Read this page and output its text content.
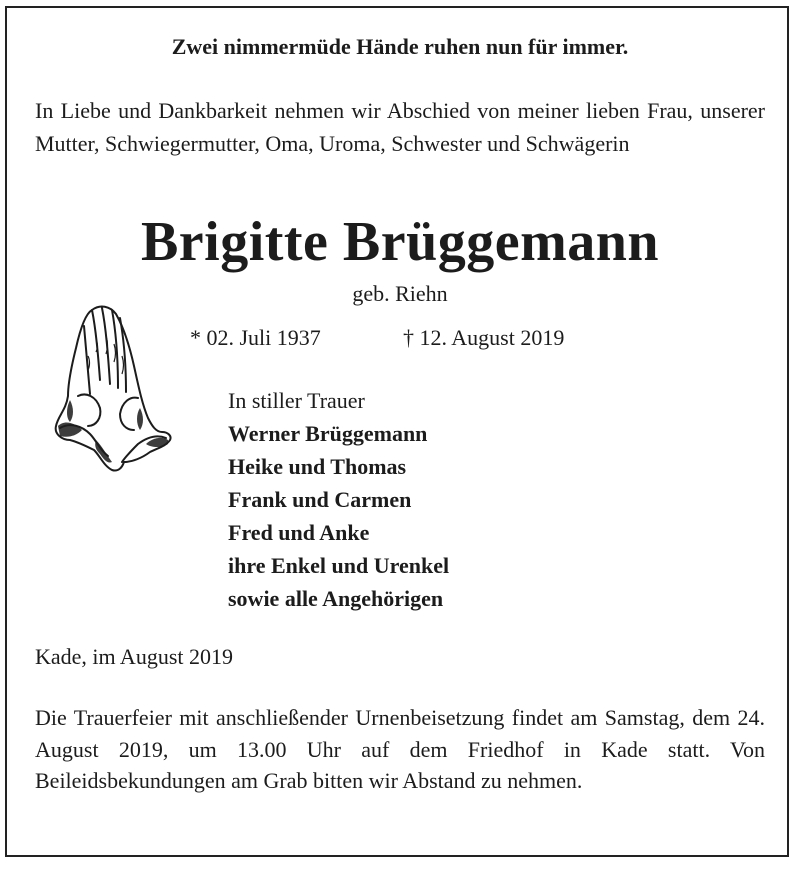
Zwei nimmermüde Hände ruhen nun für immer.
In Liebe und Dankbarkeit nehmen wir Abschied von meiner lieben Frau, unserer Mutter, Schwiegermutter, Oma, Uroma, Schwester und Schwägerin
Brigitte Brüggemann
geb. Riehn
* 02. Juli 1937	† 12. August 2019
In stiller Trauer
Werner Brüggemann
Heike und Thomas
Frank und Carmen
Fred und Anke
ihre Enkel und Urenkel
sowie alle Angehörigen
Kade, im August 2019
Die Trauerfeier mit anschließender Urnenbeisetzung findet am Samstag, dem 24. August 2019, um 13.00 Uhr auf dem Friedhof in Kade statt. Von Beileidsbekundungen am Grab bitten wir Abstand zu nehmen.
